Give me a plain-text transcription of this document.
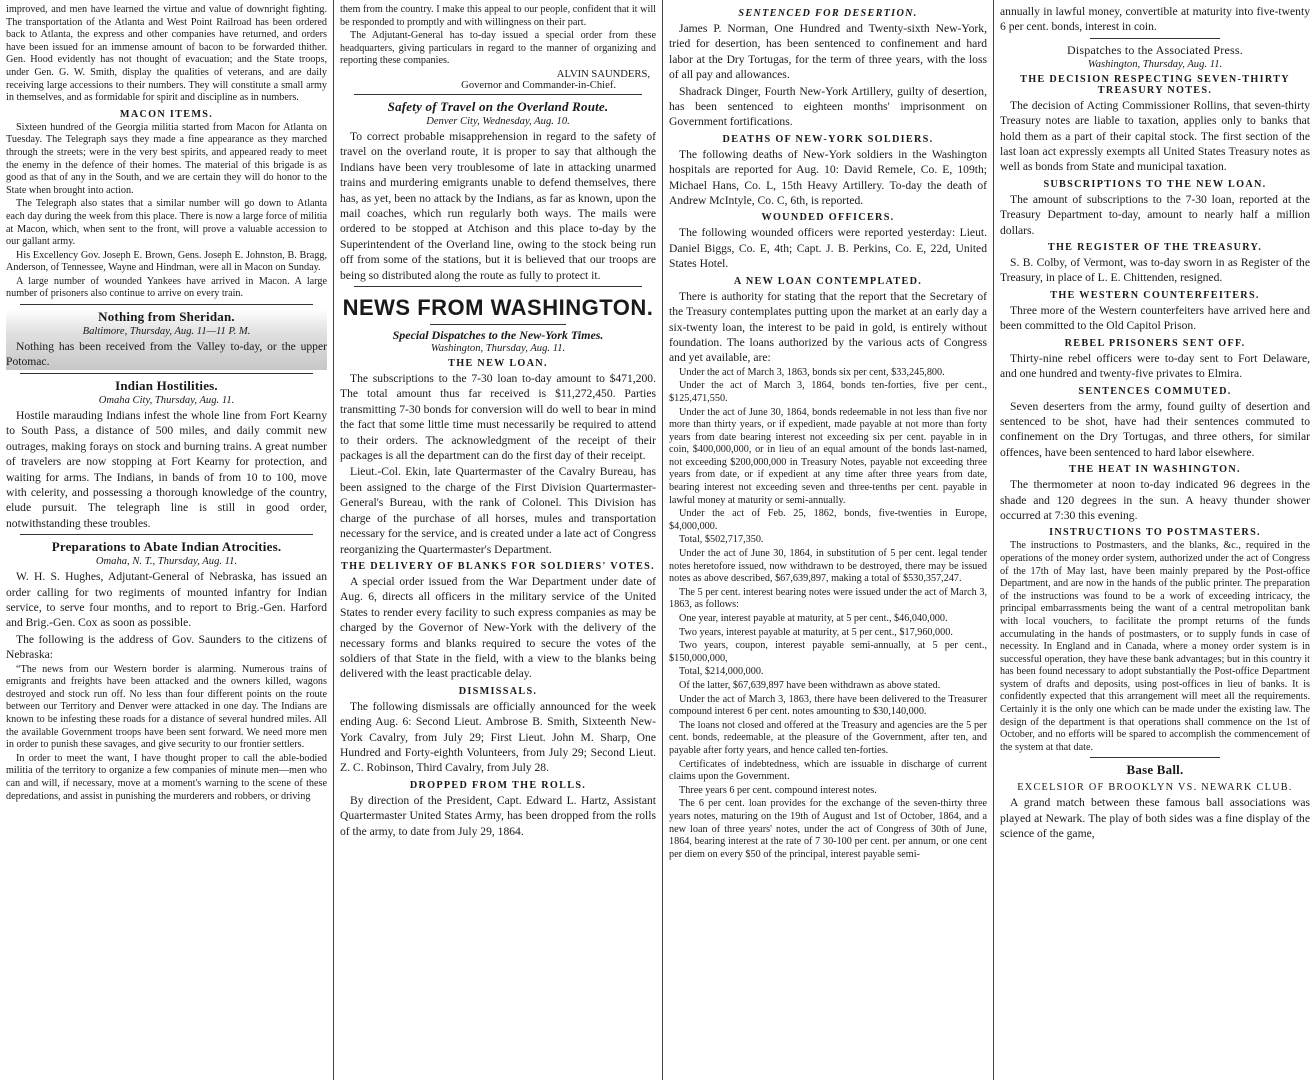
improved, and men have learned the virtue and value of downright fighting. The transportation of the Atlanta and West Point Railroad has been ordered back to Atlanta, the express and other companies have returned, and orders have been issued for an immense amount of bacon to be forwarded thither. Gen. Hood evidently has not thought of evacuation; and the State troops, under Gen. G. W. Smith, display the qualities of veterans, and are daily receiving large accessions to their numbers. They will constitute a small army in themselves, and as formidable for spirit and discipline as in numbers.

MACON ITEMS.

Sixteen hundred of the Georgia militia started from Macon for Atlanta on Tuesday. The Telegraph says they made a fine appearance as they marched through the streets; were in the very best spirits, and appeared ready to meet the enemy in the defence of their homes. The material of this brigade is as good as that of any in the South, and we are certain they will do honor to the State when brought into action.

The Telegraph also states that a similar number will go down to Atlanta each day during the week from this place. There is now a large force of militia at Macon, which, when sent to the front, will prove a valuable accession to our gallant army.

His Excellency Gov. Joseph E. Brown, Gens. Joseph E. Johnston, B. Bragg, Anderson, of Tennessee, Wayne and Hindman, were all in Macon on Sunday.

A large number of wounded Yankees have arrived in Macon. A large number of prisoners also continue to arrive on every train.

Nothing from Sheridan.
Baltimore, Thursday, Aug. 11—11 P. M.

Nothing has been received from the Valley to-day, or the upper Potomac.

Indian Hostilities.
Omaha City, Thursday, Aug. 11.

Hostile marauding Indians infest the whole line from Fort Kearny to South Pass, a distance of 500 miles, and daily commit new outrages, making forays on stock and burning trains. A great number of travelers are now stopping at Fort Kearny for protection, and waiting for arms. The Indians, in bands of from 10 to 100, move with celerity, and possessing a thorough knowledge of the country, elude pursuit. The telegraph line is still in good order, notwithstanding these troubles.

Preparations to Abate Indian Atrocities.
Omaha, N. T., Thursday, Aug. 11.

W. H. S. Hughes, Adjutant-General of Nebraska, has issued an order calling for two regiments of mounted infantry for Indian service, to serve four months, and to report to Brig.-Gen. Harford and Brig.-Gen. Cox as soon as possible.

The following is the address of Gov. Saunders to the citizens of Nebraska:

“The news from our Western border is alarming. Numerous trains of emigrants and freights have been attacked and the owners killed, wagons destroyed and stock run off. No less than four different points on the route between our Territory and Denver were attacked in one day. The Indians are known to be infesting these roads for a distance of several hundred miles. All the available Government troops have been sent forward. We need more men in order to punish these savages, and give security to our frontier settlers.

In order to meet the want, I have thought proper to call the able-bodied militia of the territory to organize a few companies of minute men—men who can and will, if necessary, move at a moment's warning to the scene of these depredations, and assist in punishing the murderers and robbers, or driving

them from the country. I make this appeal to our people, confident that it will be responded to promptly and with willingness on their part.

The Adjutant-General has to-day issued a special order from these headquarters, giving particulars in regard to the manner of organizing and reporting these companies.

ALVIN SAUNDERS,
Governor and Commander-in-Chief.
Safety of Travel on the Overland Route.
Denver City, Wednesday, Aug. 10.

To correct probable misapprehension in regard to the safety of travel on the overland route, it is proper to say that although the Indians have been very troublesome of late in attacking unarmed trains and murdering emigrants unable to defend themselves, there has, as yet, been no attack by the Indians, as far as known, upon the mail coaches, which run regularly both ways. The mails were ordered to be stopped at Atchison and this place to-day by the Superintendent of the Overland line, owing to the stock being run off from some of the stations, but it is believed that our troops are being so distributed along the route as fully to protect it.

NEWS FROM WASHINGTON.
Special Dispatches to the New-York Times.
Washington, Thursday, Aug. 11.
THE NEW LOAN.

The subscriptions to the 7-30 loan to-day amount to $471,200. The total amount thus far received is $11,272,450. Parties transmitting 7-30 bonds for conversion will do well to bear in mind the fact that some little time must necessarily be required to attend to their orders. The acknowledgment of the receipt of their packages is all the department can do the first day of their receipt.

Lieut.-Col. Ekin, late Quartermaster of the Cavalry Bureau, has been assigned to the charge of the First Division Quartermaster-General's Bureau, with the rank of Colonel. This Division has charge of the purchase of all horses, mules and transportation necessary for the service, and is created under a late act of Congress reorganizing the Quartermaster's Department.

THE DELIVERY OF BLANKS FOR SOLDIERS' VOTES.

A special order issued from the War Department under date of Aug. 6, directs all officers in the military service of the United States to render every facility to such express companies as may be charged by the Governor of New-York with the delivery of the necessary forms and blanks required to secure the votes of the soldiers of that State in the field, with a view to the blanks being delivered with the least practicable delay.

DISMISSALS.

The following dismissals are officially announced for the week ending Aug. 6: Second Lieut. Ambrose B. Smith, Sixteenth New-York Cavalry, from July 29; First Lieut. John M. Sharp, One Hundred and Forty-eighth Volunteers, from July 29; Second Lieut. Z. C. Robinson, Third Cavalry, from July 28.

DROPPED FROM THE ROLLS.

By direction of the President, Capt. Edward L. Hartz, Assistant Quartermaster United States Army, has been dropped from the rolls of the army, to date from July 29, 1864.

SENTENCED FOR DESERTION.

James P. Norman, One Hundred and Twenty-sixth New-York, tried for desertion, has been sentenced to confinement and hard labor at the Dry Tortugas, for the term of three years, with the loss of all pay and allowances.

Shadrack Dinger, Fourth New-York Artillery, guilty of desertion, has been sentenced to eighteen months' imprisonment on Government fortifications.

DEATHS OF NEW-YORK SOLDIERS.

The following deaths of New-York soldiers in the Washington hospitals are reported for Aug. 10: David Remele, Co. E, 109th; Michael Hans, Co. L, 15th Heavy Artillery. To-day the death of Andrew McIntyle, Co. C, 6th, is reported.

WOUNDED OFFICERS.

The following wounded officers were reported yesterday: Lieut. Daniel Biggs, Co. E, 4th; Capt. J. B. Perkins, Co. E, 22d, United States Hotel.

A NEW LOAN CONTEMPLATED.

There is authority for stating that the report that the Secretary of the Treasury contemplates putting upon the market at an early day a six-twenty loan, the interest to be paid in gold, is entirely without foundation. The loans authorized by the various acts of Congress and yet available, are:

Under the act of March 3, 1863, bonds six per cent, $33,245,800.

Under the act of March 3, 1864, bonds ten-forties, five per cent., $125,471,550.

Under the act of June 30, 1864, bonds redeemable in not less than five nor more than thirty years, or if expedient, made payable at not more than forty years from date bearing interest not exceeding six per cent. payable in in coin, $400,000,000, or in lieu of an equal amount of the bonds last-named, not exceeding $200,000,000 in Treasury Notes, payable not exceeding three years from date, or if expedient at any time after three years from date, bearing interest not exceeding seven and three-tenths per cent. payable in lawful money at maturity or semi-annually.

Under the act of Feb. 25, 1862, bonds, five-twenties in Europe, $4,000,000.

Total, $502,717,350.

Under the act of June 30, 1864, in substitution of 5 per cent. legal tender notes heretofore issued, now withdrawn to be destroyed, there may be issued notes as above described, $67,639,897, making a total of $530,357,247.

The 5 per cent. interest bearing notes were issued under the act of March 3, 1863, as follows:

One year, interest payable at maturity, at 5 per cent., $46,040,000.

Two years, interest payable at maturity, at 5 per cent., $17,960,000.

Two years, coupon, interest payable semi-annually, at 5 per cent., $150,000,000,

Total, $214,000,000.

Of the latter, $67,639,897 have been withdrawn as above stated.

Under the act of March 3, 1863, there have been delivered to the Treasurer compound interest 6 per cent. notes amounting to $30,140,000.

The loans not closed and offered at the Treasury and agencies are the 5 per cent. bonds, redeemable, at the pleasure of the Government, after ten, and payable after forty years, and hence called ten-forties.

Certificates of indebtedness, which are issuable in discharge of current claims upon the Government.

Three years 6 per cent. compound interest notes.

The 6 per cent. loan provides for the exchange of the seven-thirty three years notes, maturing on the 19th of August and 1st of October, 1864, and a new loan of three years' notes, under the act of Congress of 30th of June, 1864, bearing interest at the rate of 7 30-100 per cent. per annum, or one cent per diem on every $50 of the principal, interest payable semi-

annually in lawful money, convertible at maturity into five-twenty 6 per cent. bonds, interest in coin.

Dispatches to the Associated Press.
Washington, Thursday, Aug. 11.
THE DECISION RESPECTING SEVEN-THIRTY TREASURY NOTES.

The decision of Acting Commissioner Rollins, that seven-thirty Treasury notes are liable to taxation, applies only to banks that hold them as a part of their capital stock. The first section of the last loan act expressly exempts all United States Treasury notes as well as bonds from State and municipal taxation.

SUBSCRIPTIONS TO THE NEW LOAN.

The amount of subscriptions to the 7-30 loan, reported at the Treasury Department to-day, amount to nearly half a million dollars.

THE REGISTER OF THE TREASURY.

S. B. Colby, of Vermont, was to-day sworn in as Register of the Treasury, in place of L. E. Chittenden, resigned.

THE WESTERN COUNTERFEITERS.

Three more of the Western counterfeiters have arrived here and been committed to the Old Capitol Prison.

REBEL PRISONERS SENT OFF.

Thirty-nine rebel officers were to-day sent to Fort Delaware, and one hundred and twenty-five privates to Elmira.

SENTENCES COMMUTED.

Seven deserters from the army, found guilty of desertion and sentenced to be shot, have had their sentences commuted to confinement on the Dry Tortugas, and three others, for similar offences, have been sentenced to hard labor elsewhere.

THE HEAT IN WASHINGTON.

The thermometer at noon to-day indicated 96 degrees in the shade and 120 degrees in the sun. A heavy thunder shower occurred at 7:30 this evening.

INSTRUCTIONS TO POSTMASTERS.

The instructions to Postmasters, and the blanks, &c., required in the operations of the money order system, authorized under the act of Congress of the 17th of May last, have been mainly prepared by the Post-office Department, and are now in the hands of the public printer. The preparation of the instructions was found to be a work of exceeding intricacy, the principal embarrassments being the want of a central metropolitan bank with local vouchers, to facilitate the prompt returns of the funds accumulating in the hands of postmasters, or to supply funds in case of necessity. In England and in Canada, where a money order system is in successful operation, they have these bank advantages; but in this country it has been found necessary to adopt substantially the Post-office Department system of drafts and deposits, using post-offices in lieu of banks. It is confidently expected that this arrangement will meet all the requirements. Certainly it is the only one which can be made under the existing law. The design of the department is that operations shall commence on the 1st of October, and no efforts will be spared to accomplish the commencement of the system at that date.

Base Ball.
EXCELSIOR OF BROOKLYN VS. NEWARK CLUB.

A grand match between these famous ball associations was played at Newark. The play of both sides was a fine display of the science of the game,
